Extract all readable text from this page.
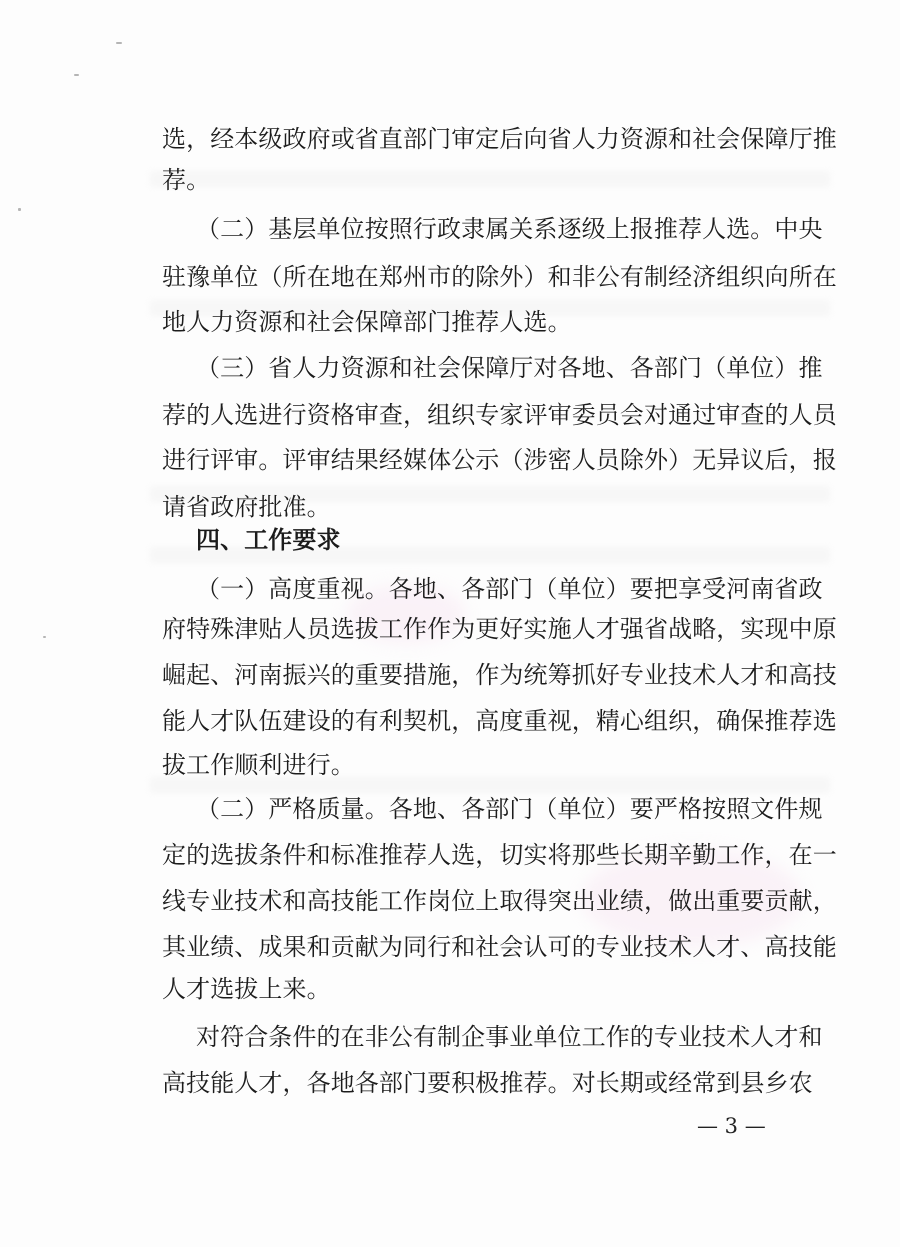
选，经本级政府或省直部门审定后向省人力资源和社会保障厅推
荐。
（二）基层单位按照行政隶属关系逐级上报推荐人选。中央
驻豫单位（所在地在郑州市的除外）和非公有制经济组织向所在
地人力资源和社会保障部门推荐人选。
（三）省人力资源和社会保障厅对各地、各部门（单位）推
荐的人选进行资格审查，组织专家评审委员会对通过审查的人员
进行评审。评审结果经媒体公示（涉密人员除外）无异议后，报
请省政府批准。
四、工作要求
（一）高度重视。各地、各部门（单位）要把享受河南省政
府特殊津贴人员选拔工作作为更好实施人才强省战略，实现中原
崛起、河南振兴的重要措施，作为统筹抓好专业技术人才和高技
能人才队伍建设的有利契机，高度重视，精心组织，确保推荐选
拔工作顺利进行。
（二）严格质量。各地、各部门（单位）要严格按照文件规
定的选拔条件和标准推荐人选，切实将那些长期辛勤工作，在一
线专业技术和高技能工作岗位上取得突出业绩，做出重要贡献，
其业绩、成果和贡献为同行和社会认可的专业技术人才、高技能
人才选拔上来。
对符合条件的在非公有制企事业单位工作的专业技术人才和
高技能人才，各地各部门要积极推荐。对长期或经常到县乡农
— 3 —
